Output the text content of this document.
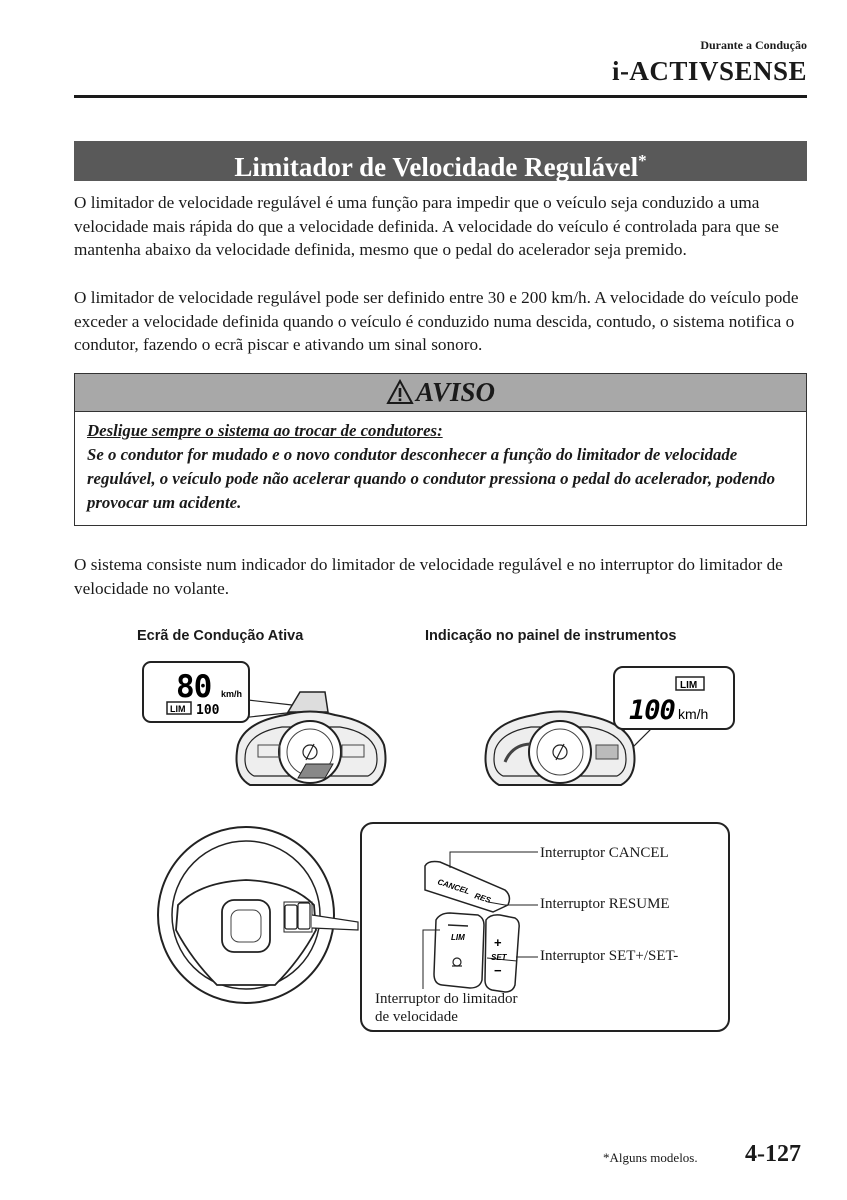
Durante a Condução
i-ACTIVSENSE
Limitador de Velocidade Regulável*

O limitador de velocidade regulável é uma função para impedir que o veículo seja conduzido a uma velocidade mais rápida do que a velocidade definida. A velocidade do veículo é controlada para que se mantenha abaixo da velocidade definida, mesmo que o pedal do acelerador seja premido.

O limitador de velocidade regulável pode ser definido entre 30 e 200 km/h. A velocidade do veículo pode exceder a velocidade definida quando o veículo é conduzido numa descida, contudo, o sistema notifica o condutor, fazendo o ecrã piscar e ativando um sinal sonoro.

AVISO
Desligue sempre o sistema ao trocar de condutores:
Se o condutor for mudado e o novo condutor desconhecer a função do limitador de velocidade regulável, o veículo pode não acelerar quando o condutor pressiona o pedal do acelerador, podendo provocar um acidente.

O sistema consiste num indicador do limitador de velocidade regulável e no interruptor do limitador de velocidade no volante.

Ecrã de Condução Ativa	Indicação no painel de instrumentos
80 km/h
LIM 100
LIM
100 km/h
CANCEL
RES
LIM +
SET
−
Interruptor CANCEL
Interruptor RESUME
Interruptor SET+/SET-
Interruptor do limitador
de velocidade
*Alguns modelos. 4-127
